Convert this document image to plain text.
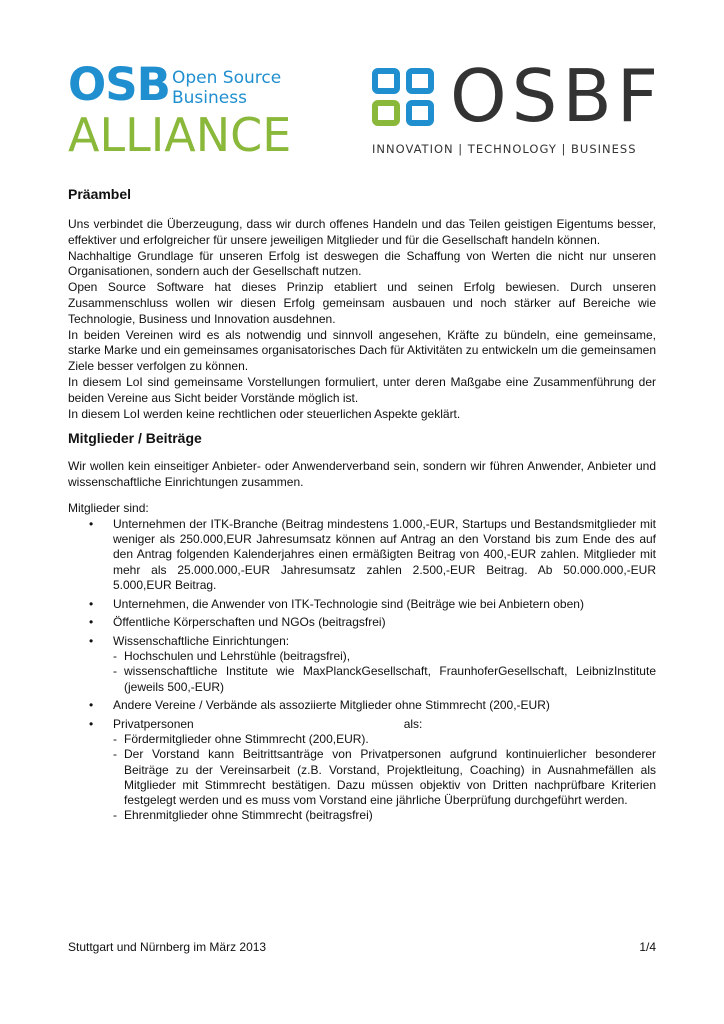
OSB Open Source
Business
ALLIANCE OSBF
INNOVATION | TECHNOLOGY | BUSINESS
Präambel

Uns verbindet die Überzeugung, dass wir durch offenes Handeln und das Teilen geistigen Eigentums besser, effektiver und erfolgreicher für unsere jeweiligen Mitglieder und für die Gesellschaft handeln können.

Nachhaltige Grundlage für unseren Erfolg ist deswegen die Schaffung von Werten die nicht nur unseren Organisationen, sondern auch der Gesellschaft nutzen.

Open Source Software hat dieses Prinzip etabliert und seinen Erfolg bewiesen. Durch unseren Zusammenschluss wollen wir diesen Erfolg gemeinsam ausbauen und noch stärker auf Bereiche wie Technologie, Business und Innovation ausdehnen.

In beiden Vereinen wird es als notwendig und sinnvoll angesehen, Kräfte zu bündeln, eine gemeinsame, starke Marke und ein gemeinsames organisatorisches Dach für Aktivitäten zu entwickeln um die gemeinsamen Ziele besser verfolgen zu können.

In diesem LoI sind gemeinsame Vorstellungen formuliert, unter deren Maßgabe eine Zusammenführung der beiden Vereine aus Sicht beider Vorstände möglich ist.

In diesem LoI werden keine rechtlichen oder steuerlichen Aspekte geklärt.

Mitglieder / Beiträge

Wir wollen kein einseitiger Anbieter- oder Anwenderverband sein, sondern wir führen Anwender, Anbieter und wissenschaftliche Einrichtungen zusammen.

Mitglieder sind:

• Unternehmen der ITK-Branche (Beitrag mindestens 1.000,-EUR, Startups und Bestandsmitglieder mit weniger als 250.000,EUR Jahresumsatz können auf Antrag an den Vorstand bis zum Ende des auf den Antrag folgenden Kalenderjahres einen ermäßigten Beitrag von 400,-EUR zahlen. Mitglieder mit mehr als 25.000.000,-EUR Jahresumsatz zahlen 2.500,-EUR Beitrag. Ab 50.000.000,-EUR 5.000,EUR Beitrag.
• Unternehmen, die Anwender von ITK-Technologie sind (Beiträge wie bei Anbietern oben)
• Öffentliche Körperschaften und NGOs (beitragsfrei)
• Wissenschaftliche Einrichtungen:
- Hochschulen und Lehrstühle (beitragsfrei),
- wissenschaftliche Institute wie MaxPlanckGesellschaft, FraunhoferGesellschaft, LeibnizInstitute (jeweils 500,-EUR)
• Andere Vereine / Verbände als assoziierte Mitglieder ohne Stimmrecht (200,-EUR)
• Privatpersonen	als:
- Fördermitglieder ohne Stimmrecht (200,EUR).
- Der Vorstand kann Beitrittsanträge von Privatpersonen aufgrund kontinuierlicher besonderer Beiträge zu der Vereinsarbeit (z.B. Vorstand, Projektleitung, Coaching) in Ausnahmefällen als Mitglieder mit Stimmrecht bestätigen. Dazu müssen objektiv von Dritten nachprüfbare Kriterien festgelegt werden und es muss vom Vorstand eine jährliche Überprüfung durchgeführt werden.
- Ehrenmitglieder ohne Stimmrecht (beitragsfrei)
Stuttgart und Nürnberg im März 2013	1/4
